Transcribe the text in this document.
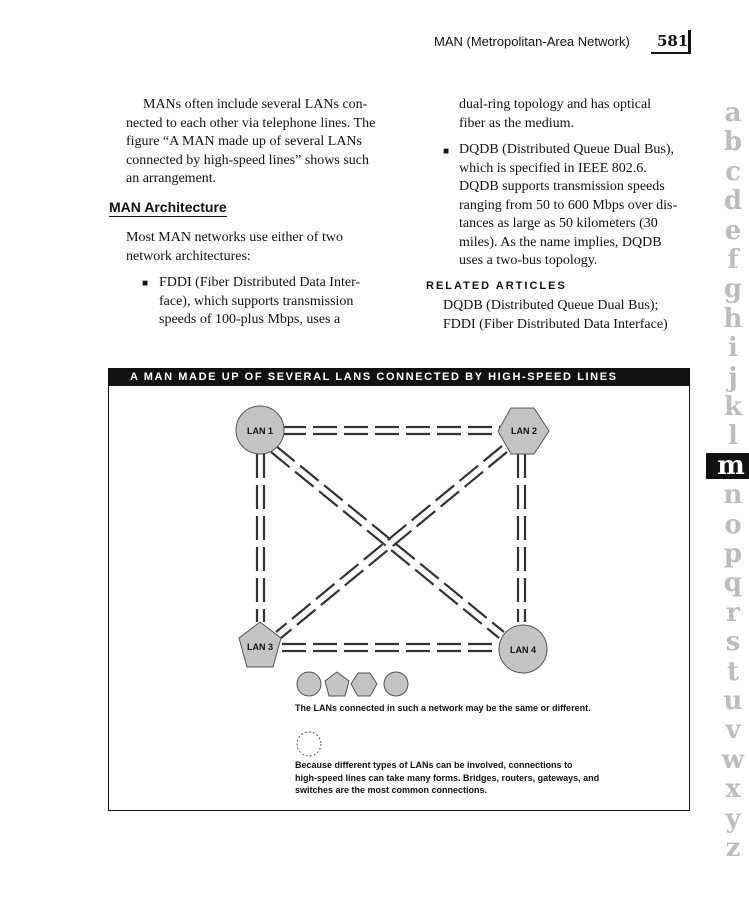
MAN (Metropolitan-Area Network) 581
MANs often include several LANs con-
nected to each other via telephone lines. The
figure “A MAN made up of several LANs
connected by high-speed lines” shows such
an arrangement.
MAN Architecture
Most MAN networks use either of two
network architectures:
■ FDDI (Fiber Distributed Data Inter-
face), which supports transmission
speeds of 100-plus Mbps, uses a
dual-ring topology and has optical
fiber as the medium.
■ DQDB (Distributed Queue Dual Bus),
which is specified in IEEE 802.6.
DQDB supports transmission speeds
ranging from 50 to 600 Mbps over dis-
tances as large as 50 kilometers (30
miles). As the name implies, DQDB
uses a two-bus topology.
RELATED ARTICLES
DQDB (Distributed Queue Dual Bus);
FDDI (Fiber Distributed Data Interface)
a
b
c
d
e
f
g
h
i
j
k
l
m
n
o
p
q
r
s
t
u
v
w
x
y
z
A MAN MADE UP OF SEVERAL LANS CONNECTED BY HIGH-SPEED LINES
LAN 1	LAN 2
LAN 3	LAN 4
The LANs connected in such a network may be the same or different.
Because different types of LANs can be involved, connections to
high-speed lines can take many forms. Bridges, routers, gateways, and
switches are the most common connections.
